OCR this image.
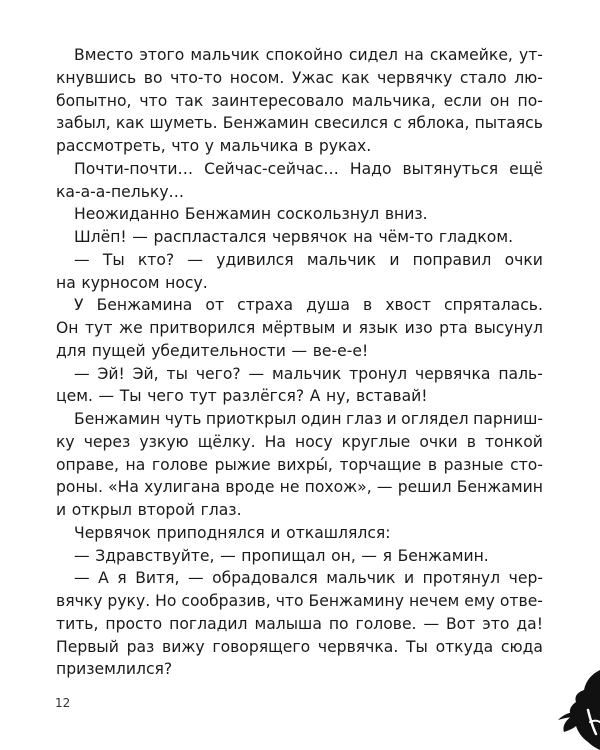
Вместо этого мальчик спокойно сидел на скамейке, ут-
кнувшись во что-то носом. Ужас как червячку стало лю-
бопытно, что так заинтересовало мальчика, если он по-
забыл, как шуметь. Бенжамин свесился с яблока, пытаясь
рассмотреть, что у мальчика в руках.
Почти-почти… Сейчас-сейчас… Надо вытянуться ещё
ка-а-а-пельку…
Неожиданно Бенжамин соскользнул вниз.
Шлёп! — распластался червячок на чём-то гладком.
— Ты кто? — удивился мальчик и поправил очки
на курносом носу.
У Бенжамина от страха душа в хвост спряталась.
Он тут же притворился мёртвым и язык изо рта высунул
для пущей убедительности — ве-е-е!
— Эй! Эй, ты чего? — мальчик тронул червячка паль-
цем. — Ты чего тут разлёгся? А ну, вставай!
Бенжамин чуть приоткрыл один глаз и оглядел парниш-
ку через узкую щёлку. На носу круглые очки в тонкой
оправе, на голове рыжие вихры́, торчащие в разные сто-
роны. «На хулигана вроде не похож», — решил Бенжамин
и открыл второй глаз.
Червячок приподнялся и откашлялся:
— Здравствуйте, — пропищал он, — я Бенжамин.
— А я Витя, — обрадовался мальчик и протянул чер-
вячку руку. Но сообразив, что Бенжамину нечем ему отве-
тить, просто погладил малыша по голове. — Вот это да!
Первый раз вижу говорящего червячка. Ты откуда сюда
приземлился?
12
